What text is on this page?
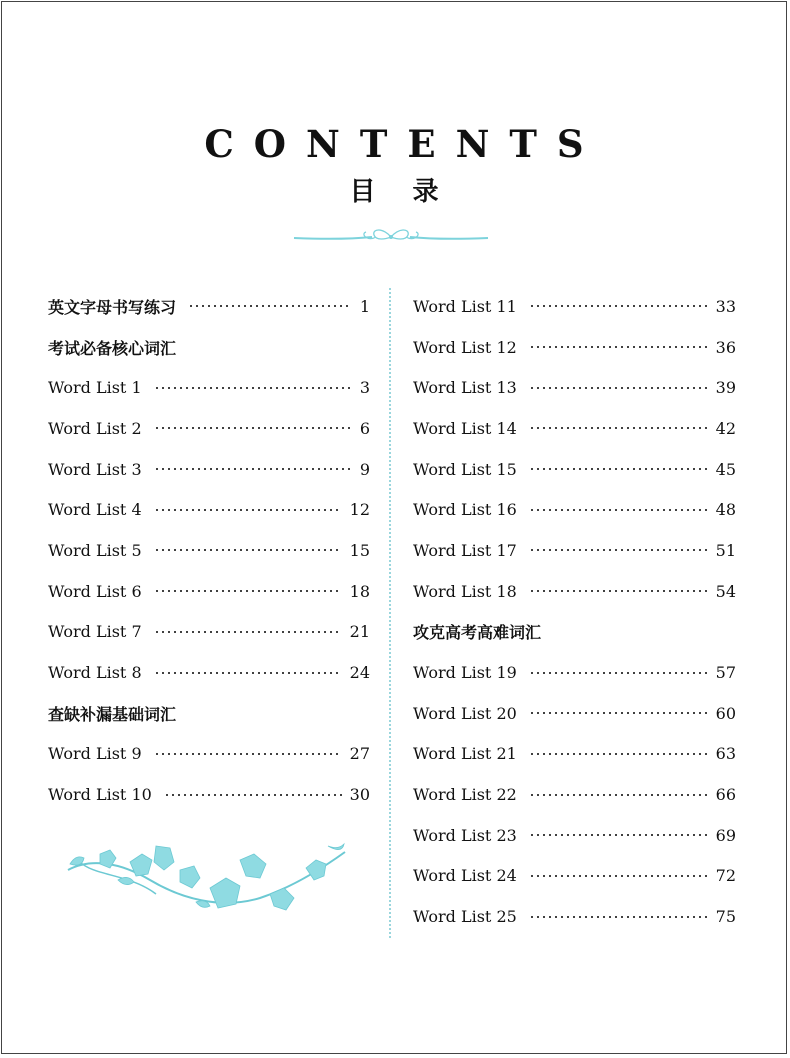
CONTENTS
目 录
英文字母书写练习	1
考试必备核心词汇
Word List 1	3
Word List 2	6
Word List 3	9
Word List 4	12
Word List 5	15
Word List 6	18
Word List 7	21
Word List 8	24
查缺补漏基础词汇
Word List 9	27
Word List 10	30
Word List 11	33
Word List 12	36
Word List 13	39
Word List 14	42
Word List 15	45
Word List 16	48
Word List 17	51
Word List 18	54
攻克高考高难词汇
Word List 19	57
Word List 20	60
Word List 21	63
Word List 22	66
Word List 23	69
Word List 24	72
Word List 25	75
